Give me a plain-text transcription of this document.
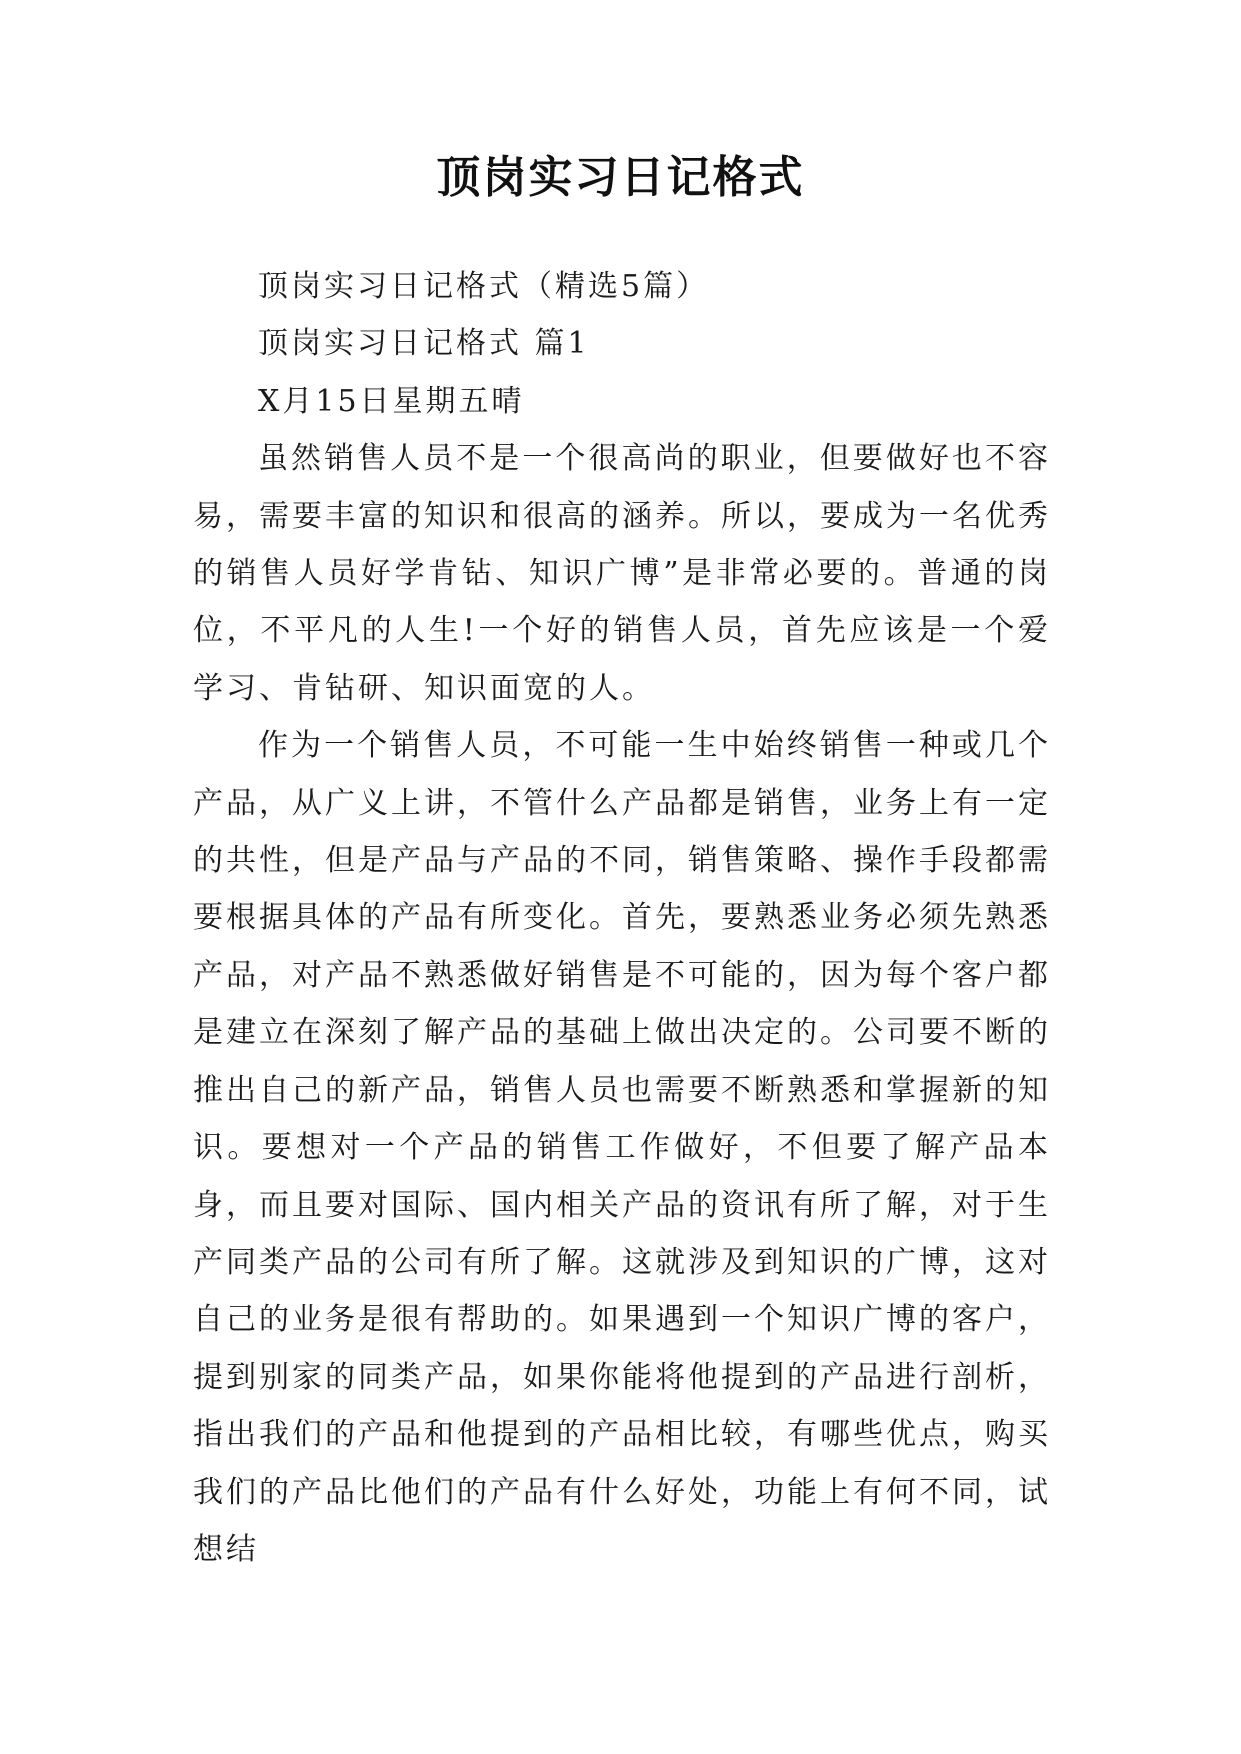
顶岗实习日记格式

顶岗实习日记格式（精选5篇）

顶岗实习日记格式 篇1

X月15日星期五晴

虽然销售人员不是一个很高尚的职业，但要做好也不容易，需要丰富的知识和很高的涵养。所以，要成为一名优秀的销售人员好学肯钻、知识广博”是非常必要的。普通的岗位，不平凡的人生!一个好的销售人员，首先应该是一个爱学习、肯钻研、知识面宽的人。

作为一个销售人员，不可能一生中始终销售一种或几个产品，从广义上讲，不管什么产品都是销售，业务上有一定的共性，但是产品与产品的不同，销售策略、操作手段都需要根据具体的产品有所变化。首先，要熟悉业务必须先熟悉产品，对产品不熟悉做好销售是不可能的，因为每个客户都是建立在深刻了解产品的基础上做出决定的。公司要不断的推出自己的新产品，销售人员也需要不断熟悉和掌握新的知识。要想对一个产品的销售工作做好，不但要了解产品本身，而且要对国际、国内相关产品的资讯有所了解，对于生产同类产品的公司有所了解。这就涉及到知识的广博，这对自己的业务是很有帮助的。如果遇到一个知识广博的客户，提到别家的同类产品，如果你能将他提到的产品进行剖析，指出我们的产品和他提到的产品相比较，有哪些优点，购买我们的产品比他们的产品有什么好处，功能上有何不同，试想结
